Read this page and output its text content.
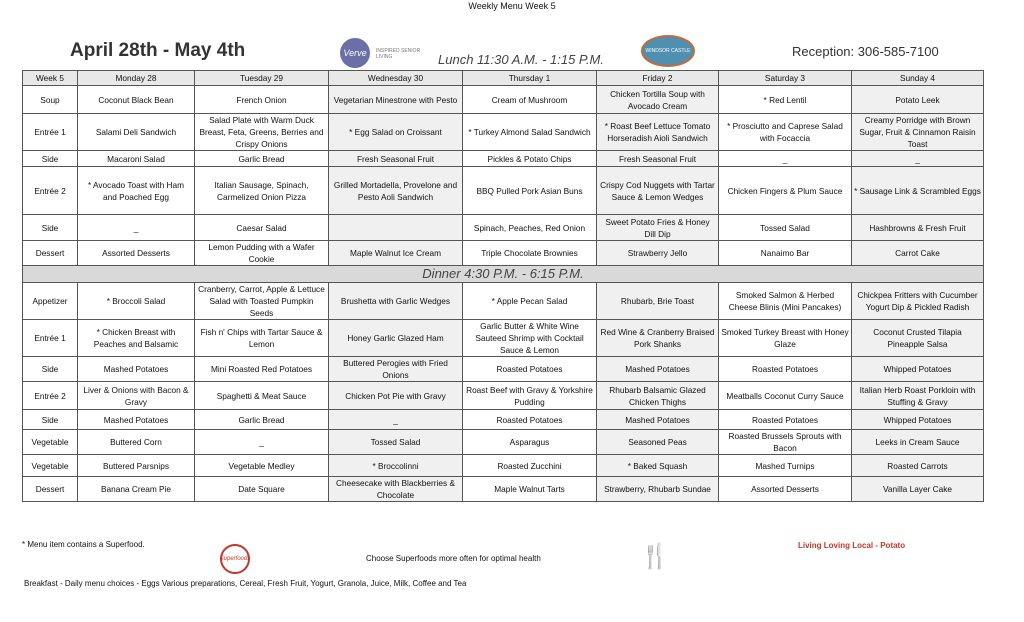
Weekly Menu Week 5
April 28th - May 4th	Verve	INSPIRED SENIOR LIVING	Lunch 11:30 A.M. - 1:15 P.M.
WINDSOR CASTLE	Reception: 306-585-7100
Week 5	Monday 28	Tuesday 29	Wednesday 30	Thursday 1	Friday 2	Saturday 3	Sunday 4
Soup	Coconut Black Bean	French Onion	Vegetarian Minestrone with Pesto	Cream of Mushroom	Chicken Tortilla Soup with Avocado Cream	* Red Lentil	Potato Leek
Entrée 1	Salami Deli Sandwich	Salad Plate with Warm Duck Breast, Feta, Greens, Berries and Crispy Onions	* Egg Salad on Croissant	* Turkey Almond Salad Sandwich	* Roast Beef Lettuce Tomato Horseradish Aioli Sandwich	* Prosciutto and Caprese Salad with Focaccia	Creamy Porridge with Brown Sugar, Fruit & Cinnamon Raisin Toast
Side	Macaroni Salad	Garlic Bread	Fresh Seasonal Fruit	Pickles & Potato Chips	Fresh Seasonal Fruit	_	_
Entrée 2	* Avocado Toast with Ham and Poached Egg	Italian Sausage, Spinach, Carmelized Onion Pizza	Grilled Mortadella, Provelone and Pesto Aoli Sandwich	BBQ Pulled Pork Asian Buns	Crispy Cod Nuggets with Tartar Sauce & Lemon Wedges	Chicken Fingers & Plum Sauce	* Sausage Link & Scrambled Eggs
Side	_	Caesar Salad		Spinach, Peaches, Red Onion	Sweet Potato Fries & Honey Dill Dip	Tossed Salad	Hashbrowns & Fresh Fruit
Dessert	Assorted Desserts	Lemon Pudding with a Wafer Cookie	Maple Walnut Ice Cream	Triple Chocolate Brownies	Strawberry Jello	Nanaimo Bar	Carrot Cake
Dinner 4:30 P.M. - 6:15 P.M.							
Appetizer	* Broccoli Salad	Cranberry, Carrot, Apple & Lettuce Salad with Toasted Pumpkin Seeds	Brushetta with Garlic Wedges	* Apple Pecan Salad	Rhubarb, Brie Toast	Smoked Salmon & Herbed Cheese Blinis (Mini Pancakes)	Chickpea Fritters with Cucumber Yogurt Dip & Pickled Radish
Entrée 1	* Chicken Breast with Peaches and Balsamic	Fish n' Chips with Tartar Sauce & Lemon	Honey Garlic Glazed Ham	Garlic Butter & White Wine Sauteed Shrimp with Cocktail Sauce & Lemon	Red Wine & Cranberry Braised Pork Shanks	Smoked Turkey Breast with Honey Glaze	Coconut Crusted Tilapia Pineapple Salsa
Side	Mashed Potatoes	Mini Roasted Red Potatoes	Buttered Perogies with Fried Onions	Roasted Potatoes	Mashed Potatoes	Roasted Potatoes	Whipped Potatoes
Entrée 2	Liver & Onions with Bacon & Gravy	Spaghetti & Meat Sauce	Chicken Pot Pie with Gravy	Roast Beef with Gravy & Yorkshire Pudding	Rhubarb Balsamic Glazed Chicken Thighs	Meatballs Coconut Curry Sauce	Italian Herb Roast Porkloin with Stuffing & Gravy
Side	Mashed Potatoes	Garlic Bread	_	Roasted Potatoes	Mashed Potatoes	Roasted Potatoes	Whipped Potatoes
Vegetable	Buttered Corn	_	Tossed Salad	Asparagus	Seasoned Peas	Roasted Brussels Sprouts with Bacon	Leeks in Cream Sauce
Vegetable	Buttered Parsnips	Vegetable Medley	* Broccolinni	Roasted Zucchini	* Baked Squash	Mashed Turnips	Roasted Carrots
Dessert	Banana Cream Pie	Date Square	Cheesecake with Blackberries & Chocolate	Maple Walnut Tarts	Strawberry, Rhubarb Sundae	Assorted Desserts	Vanilla Layer Cake
* Menu item contains a Superfood.
Superfoods	Choose Superfoods more often for optimal health	🍴	Living Loving Local - Potato
Breakfast - Daily menu choices - Eggs Various preparations, Cereal, Fresh Fruit, Yogurt, Granola, Juice, Milk, Coffee and Tea
